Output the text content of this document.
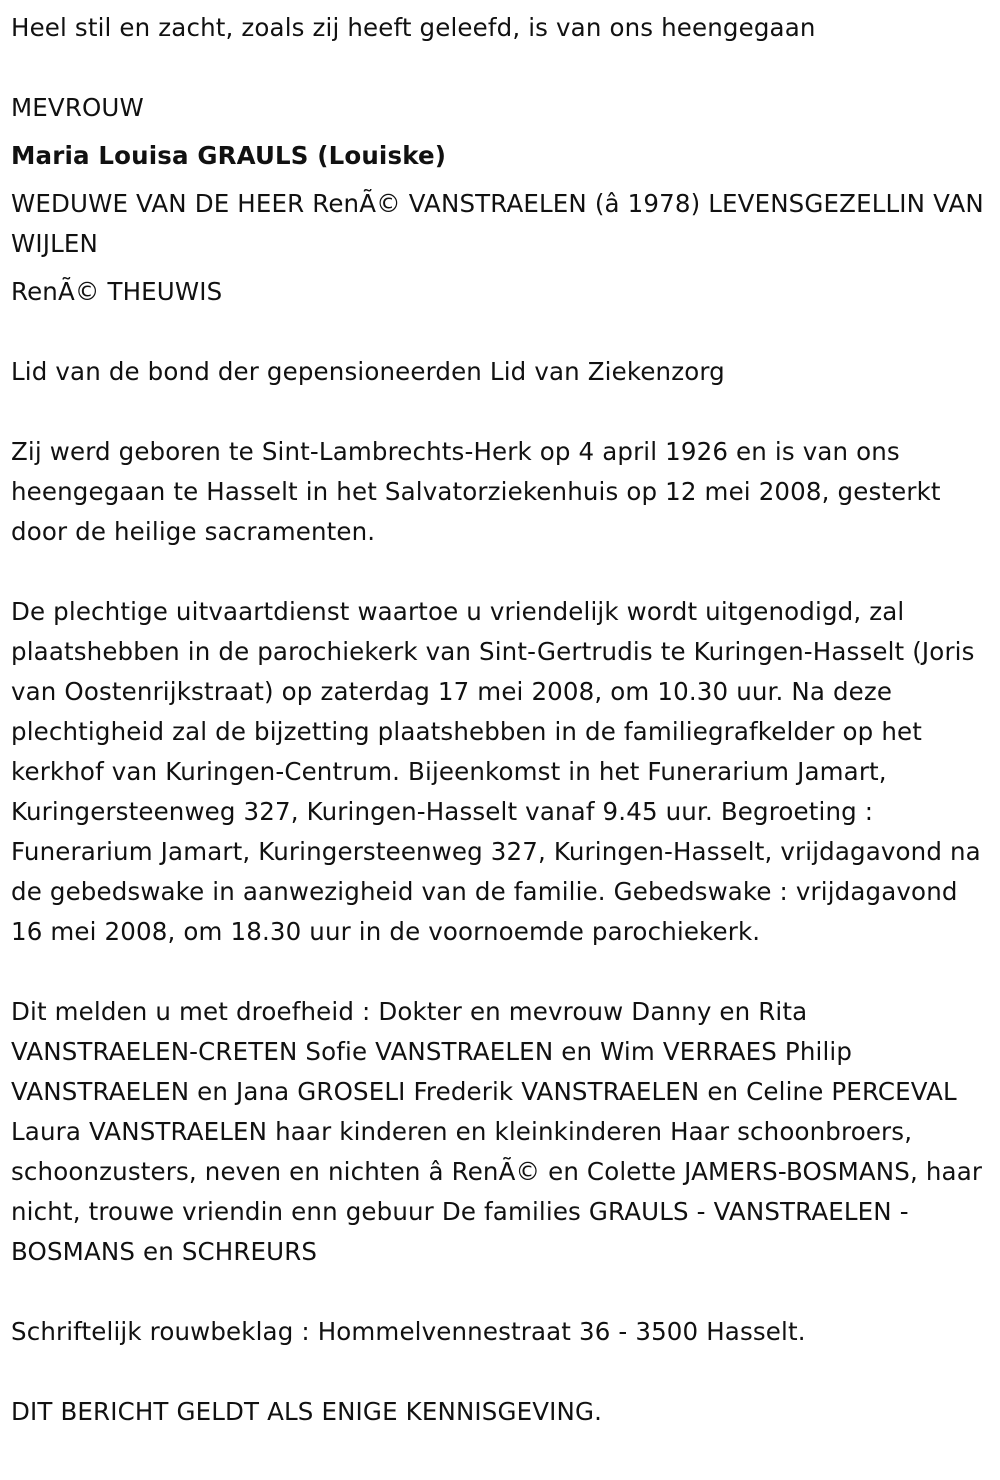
Heel stil en zacht, zoals zij heeft geleefd, is van ons heengegaan

MEVROUW

Maria Louisa GRAULS (Louiske)

WEDUWE VAN DE HEER RenÃ© VANSTRAELEN (â 1978) LEVENSGEZELLIN VAN WIJLEN

RenÃ© THEUWIS

Lid van de bond der gepensioneerden Lid van Ziekenzorg

Zij werd geboren te Sint-Lambrechts-Herk op 4 april 1926 en is van ons heengegaan te Hasselt in het Salvatorziekenhuis op 12 mei 2008, gesterkt door de heilige sacramenten.

De plechtige uitvaartdienst waartoe u vriendelijk wordt uitgenodigd, zal plaatshebben in de parochiekerk van Sint-Gertrudis te Kuringen-Hasselt (Joris van Oostenrijkstraat) op zaterdag 17 mei 2008, om 10.30 uur. Na deze plechtigheid zal de bijzetting plaatshebben in de familiegrafkelder op het kerkhof van Kuringen-Centrum. Bijeenkomst in het Funerarium Jamart, Kuringersteenweg 327, Kuringen-Hasselt vanaf 9.45 uur. Begroeting : Funerarium Jamart, Kuringersteenweg 327, Kuringen-Hasselt, vrijdagavond na de gebedswake in aanwezigheid van de familie. Gebedswake : vrijdagavond 16 mei 2008, om 18.30 uur in de voornoemde parochiekerk.

Dit melden u met droefheid : Dokter en mevrouw Danny en Rita VANSTRAELEN-CRETEN Sofie VANSTRAELEN en Wim VERRAES Philip VANSTRAELEN en Jana GROSELI Frederik VANSTRAELEN en Celine PERCEVAL Laura VANSTRAELEN haar kinderen en kleinkinderen Haar schoonbroers, schoonzusters, neven en nichten â RenÃ© en Colette JAMERS-BOSMANS, haar nicht, trouwe vriendin enn gebuur De families GRAULS - VANSTRAELEN - BOSMANS en SCHREURS

Schriftelijk rouwbeklag : Hommelvennestraat 36 - 3500 Hasselt.

DIT BERICHT GELDT ALS ENIGE KENNISGEVING.
